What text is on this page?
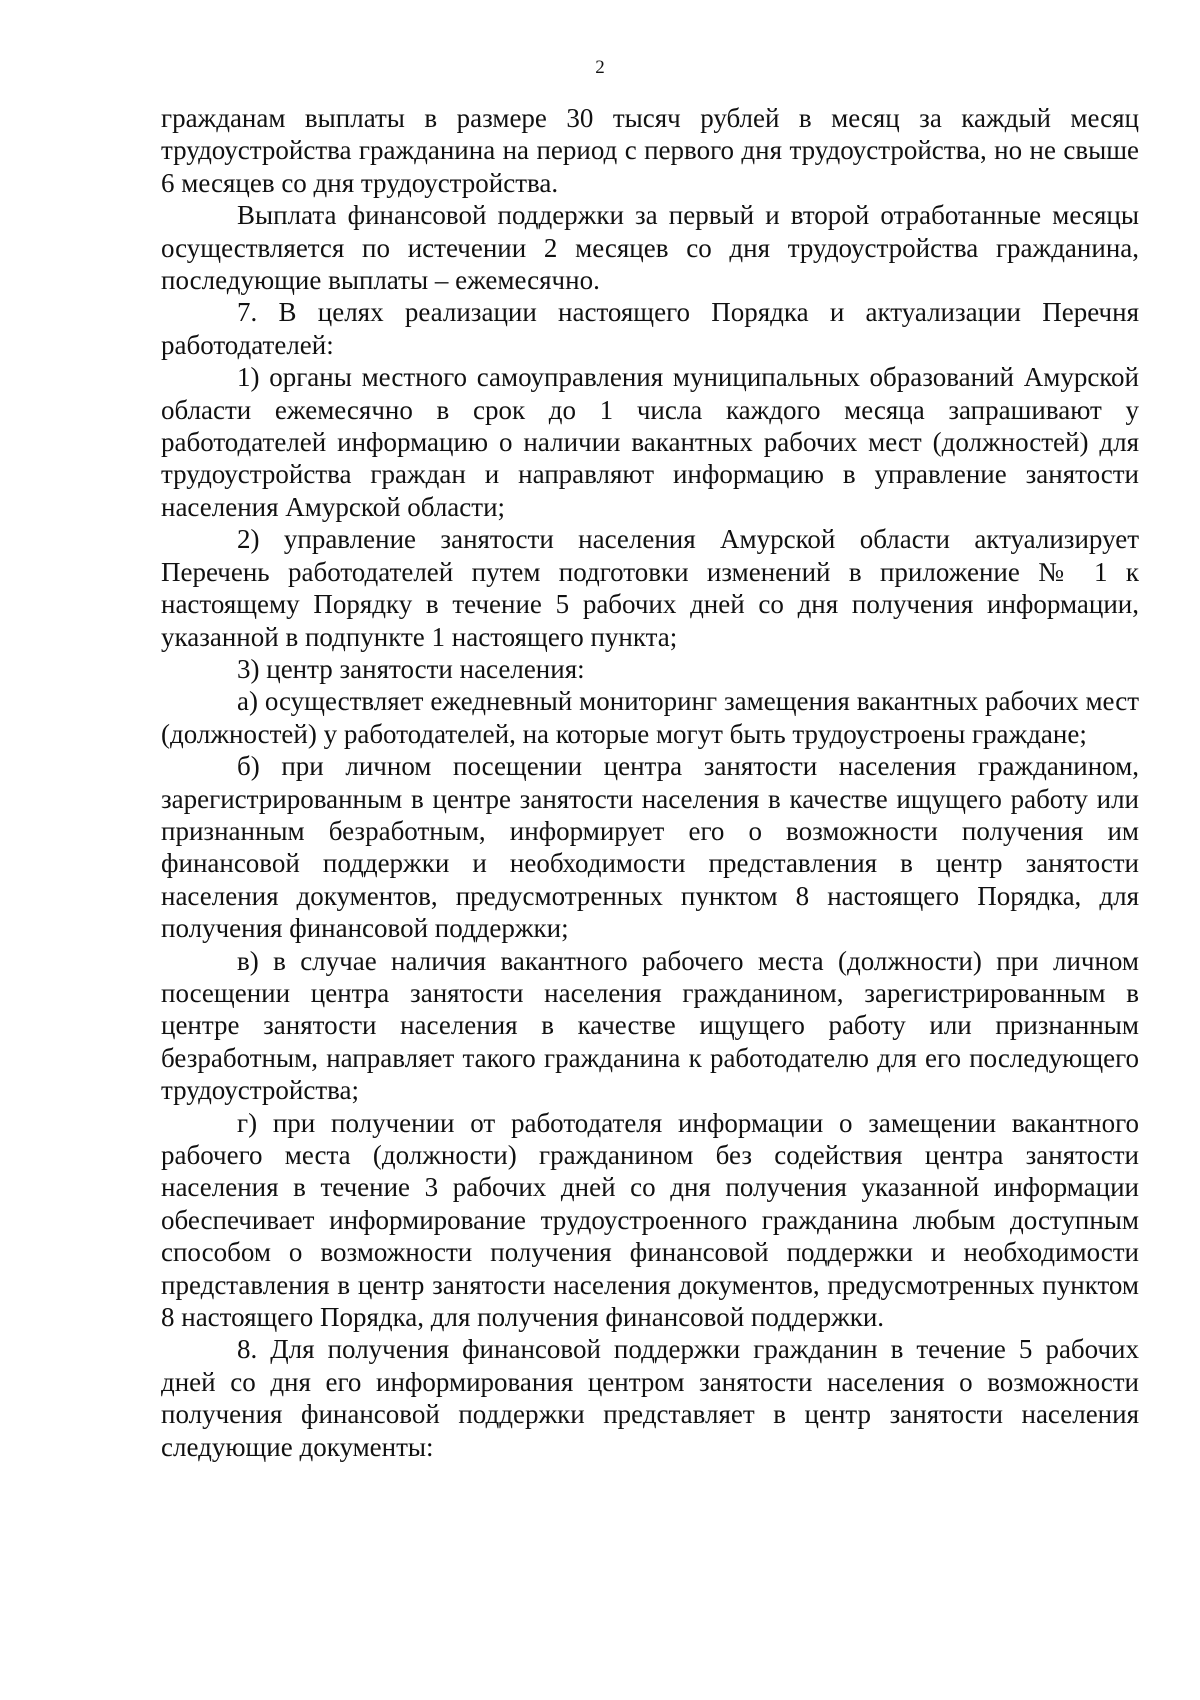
2

гражданам выплаты в размере 30 тысяч рублей в месяц за каждый месяц трудоустройства гражданина на период с первого дня трудоустройства, но не свыше 6 месяцев со дня трудоустройства.

Выплата финансовой поддержки за первый и второй отработанные месяцы осуществляется по истечении 2 месяцев со дня трудоустройства гражданина, последующие выплаты – ежемесячно.

7. В целях реализации настоящего Порядка и актуализации Перечня работодателей:

1) органы местного самоуправления муниципальных образований Амурской области ежемесячно в срок до 1 числа каждого месяца запрашивают у работодателей информацию о наличии вакантных рабочих мест (должностей) для трудоустройства граждан и направляют информацию в управление занятости населения Амурской области;

2) управление занятости населения Амурской области актуализирует Перечень работодателей путем подготовки изменений в приложение № 1 к настоящему Порядку в течение 5 рабочих дней со дня получения информации, указанной в подпункте 1 настоящего пункта;

3) центр занятости населения:

а) осуществляет ежедневный мониторинг замещения вакантных рабочих мест (должностей) у работодателей, на которые могут быть трудоустроены граждане;

б) при личном посещении центра занятости населения гражданином, зарегистрированным в центре занятости населения в качестве ищущего работу или признанным безработным, информирует его о возможности получения им финансовой поддержки и необходимости представления в центр занятости населения документов, предусмотренных пунктом 8 настоящего Порядка, для получения финансовой поддержки;

в) в случае наличия вакантного рабочего места (должности) при личном посещении центра занятости населения гражданином, зарегистрированным в центре занятости населения в качестве ищущего работу или признанным безработным, направляет такого гражданина к работодателю для его последующего трудоустройства;

г) при получении от работодателя информации о замещении вакантного рабочего места (должности) гражданином без содействия центра занятости населения в течение 3 рабочих дней со дня получения указанной информации обеспечивает информирование трудоустроенного гражданина любым доступным способом о возможности получения финансовой поддержки и необходимости представления в центр занятости населения документов, предусмотренных пунктом 8 настоящего Порядка, для получения финансовой поддержки.

8. Для получения финансовой поддержки гражданин в течение 5 рабочих дней со дня его информирования центром занятости населения о возможности получения финансовой поддержки представляет в центр занятости населения следующие документы:
